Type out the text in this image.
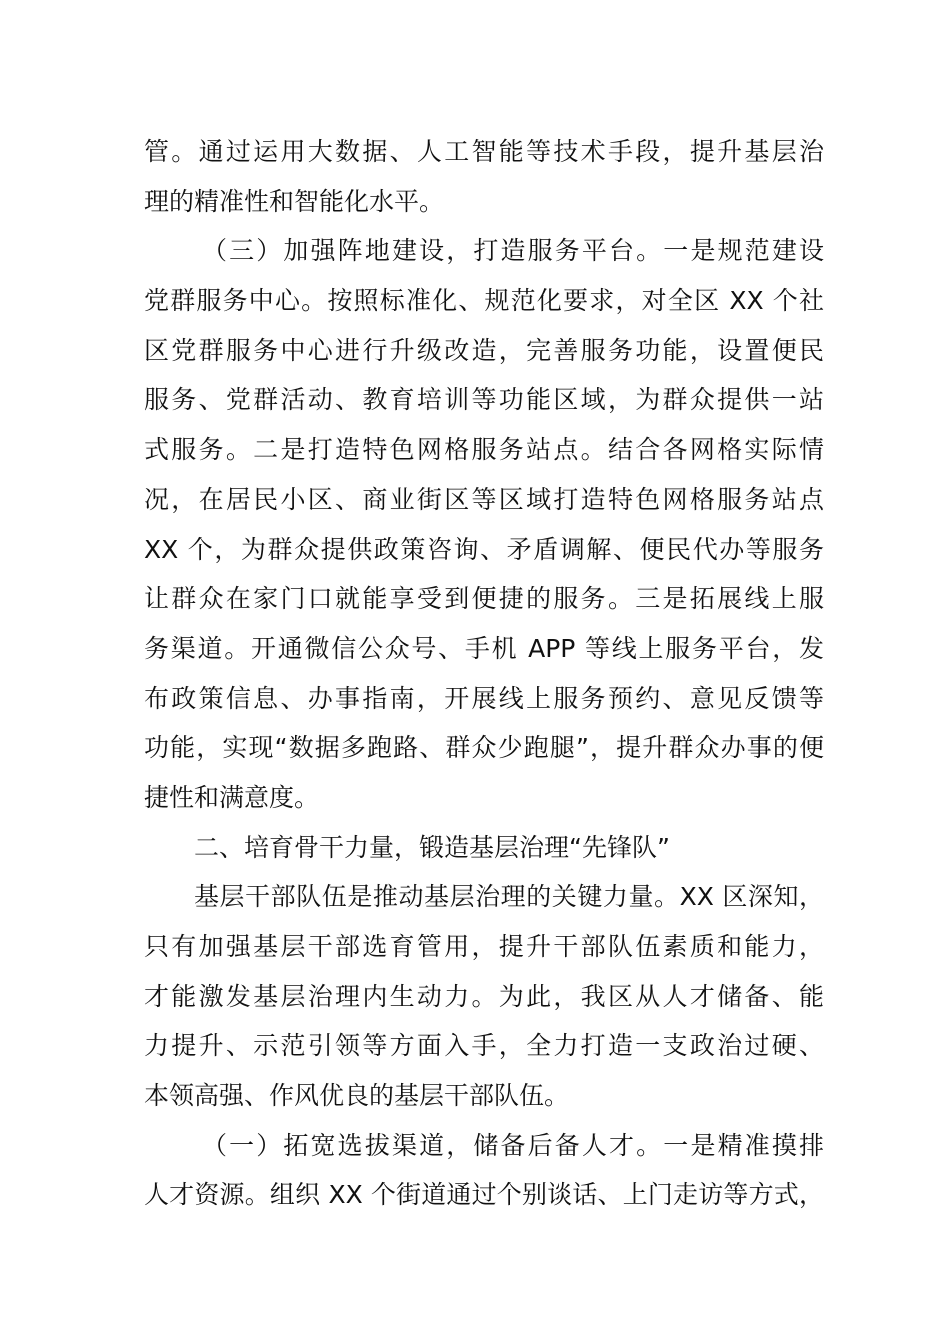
管。通过运用大数据、人工智能等技术手段，提升基层治
理的精准性和智能化水平。
（三）加强阵地建设，打造服务平台。一是规范建设
党群服务中心。按照标准化、规范化要求，对全区 XX 个社
区党群服务中心进行升级改造，完善服务功能，设置便民
服务、党群活动、教育培训等功能区域，为群众提供一站
式服务。二是打造特色网格服务站点。结合各网格实际情
况，在居民小区、商业街区等区域打造特色网格服务站点
XX 个，为群众提供政策咨询、矛盾调解、便民代办等服务
让群众在家门口就能享受到便捷的服务。三是拓展线上服
务渠道。开通微信公众号、手机 APP 等线上服务平台，发
布政策信息、办事指南，开展线上服务预约、意见反馈等
功能，实现“数据多跑路、群众少跑腿”，提升群众办事的便
捷性和满意度。
二、培育骨干力量，锻造基层治理“先锋队”
基层干部队伍是推动基层治理的关键力量。XX 区深知，
只有加强基层干部选育管用，提升干部队伍素质和能力，
才能激发基层治理内生动力。为此，我区从人才储备、能
力提升、示范引领等方面入手，全力打造一支政治过硬、
本领高强、作风优良的基层干部队伍。
（一）拓宽选拔渠道，储备后备人才。一是精准摸排
人才资源。组织 XX 个街道通过个别谈话、上门走访等方式，
